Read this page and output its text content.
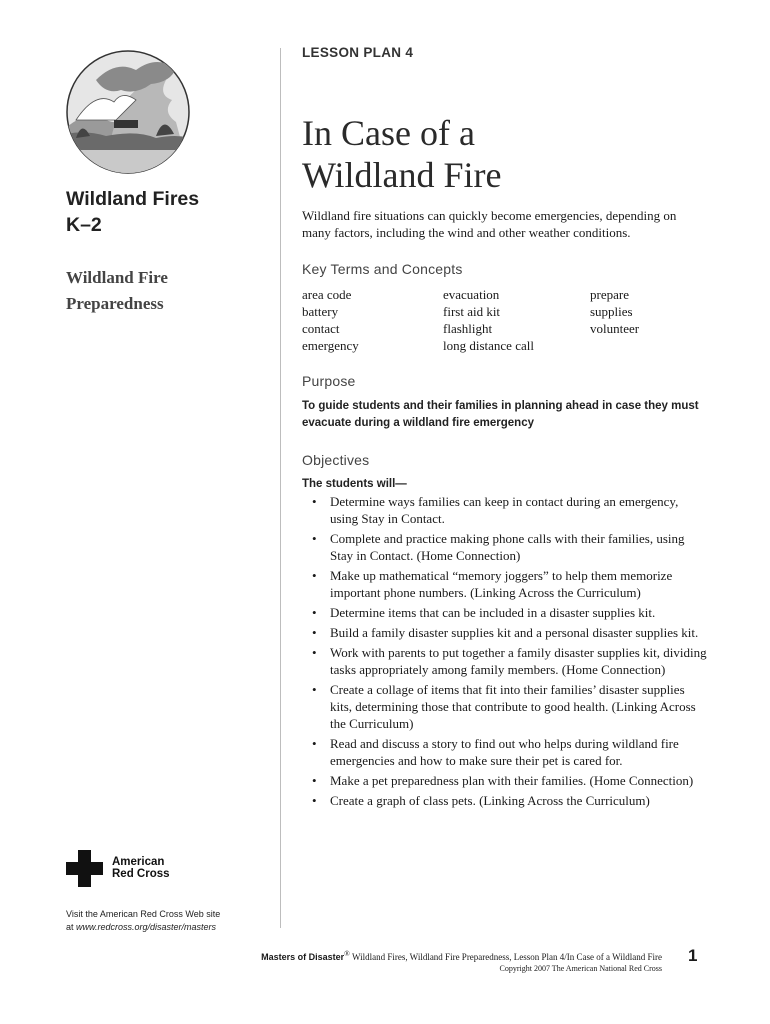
Wildland Fires
K–2
Wildland Fire
Preparedness
American
Red Cross
Visit the American Red Cross Web site
at www.redcross.org/disaster/masters
LESSON PLAN 4
In Case of a
Wildland Fire
Wildland fire situations can quickly become emergencies, depending on many factors, including the wind and other weather conditions.
Key Terms and Concepts
area code
battery
contact
emergency
evacuation
first aid kit
flashlight
long distance call
prepare
supplies
volunteer
Purpose
To guide students and their families in planning ahead in case they must evacuate during a wildland fire emergency
Objectives
The students will—
• Determine ways families can keep in contact during an emergency, using Stay in Contact.
• Complete and practice making phone calls with their families, using Stay in Contact. (Home Connection)
• Make up mathematical “memory joggers” to help them memorize important phone numbers. (Linking Across the Curriculum)
• Determine items that can be included in a disaster supplies kit.
• Build a family disaster supplies kit and a personal disaster supplies kit.
• Work with parents to put together a family disaster supplies kit, dividing tasks appropriately among family members. (Home Connection)
• Create a collage of items that fit into their families’ disaster supplies kits, determining those that contribute to good health. (Linking Across the Curriculum)
• Read and discuss a story to find out who helps during wildland fire emergencies and how to make sure their pet is cared for.
• Make a pet preparedness plan with their families. (Home Connection)
• Create a graph of class pets. (Linking Across the Curriculum)
Masters of Disaster® Wildland Fires, Wildland Fire Preparedness, Lesson Plan 4/In Case of a Wildland Fire
Copyright 2007 The American National Red Cross
1
